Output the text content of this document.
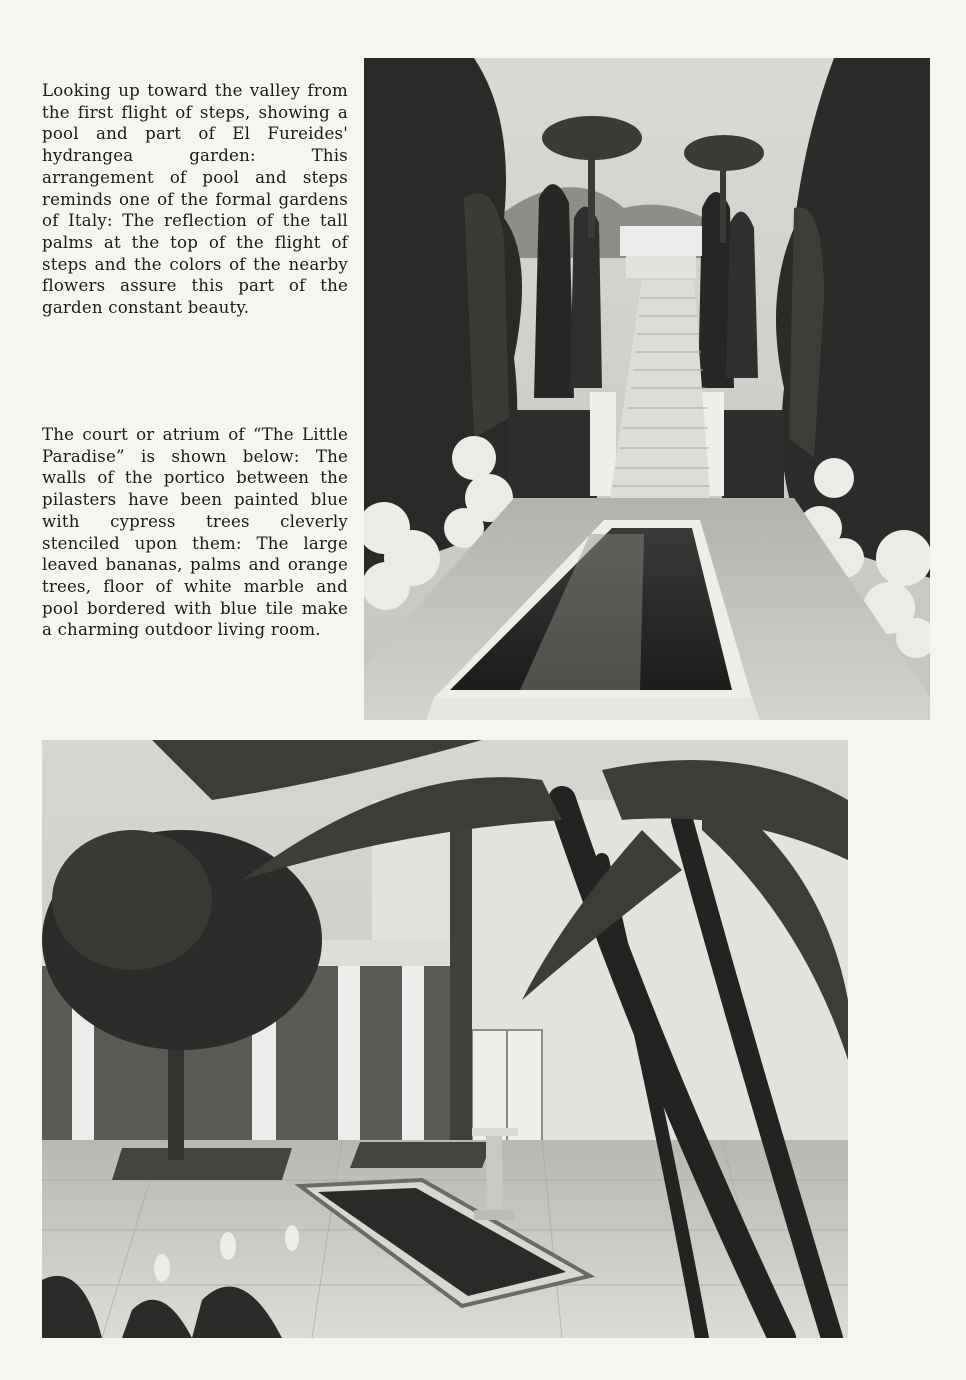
Looking up toward the valley from the first flight of steps, showing a pool and part of El Fureides' hydrangea garden: This arrangement of pool and steps reminds one of the formal gardens of Italy: The reflection of the tall palms at the top of the flight of steps and the colors of the nearby flowers assure this part of the garden constant beauty.

The court or atrium of “The Little Paradise” is shown below: The walls of the portico between the pilasters have been painted blue with cypress trees cleverly stenciled upon them: The large leaved bananas, palms and orange trees, floor of white marble and pool bordered with blue tile make a charming outdoor living room.
